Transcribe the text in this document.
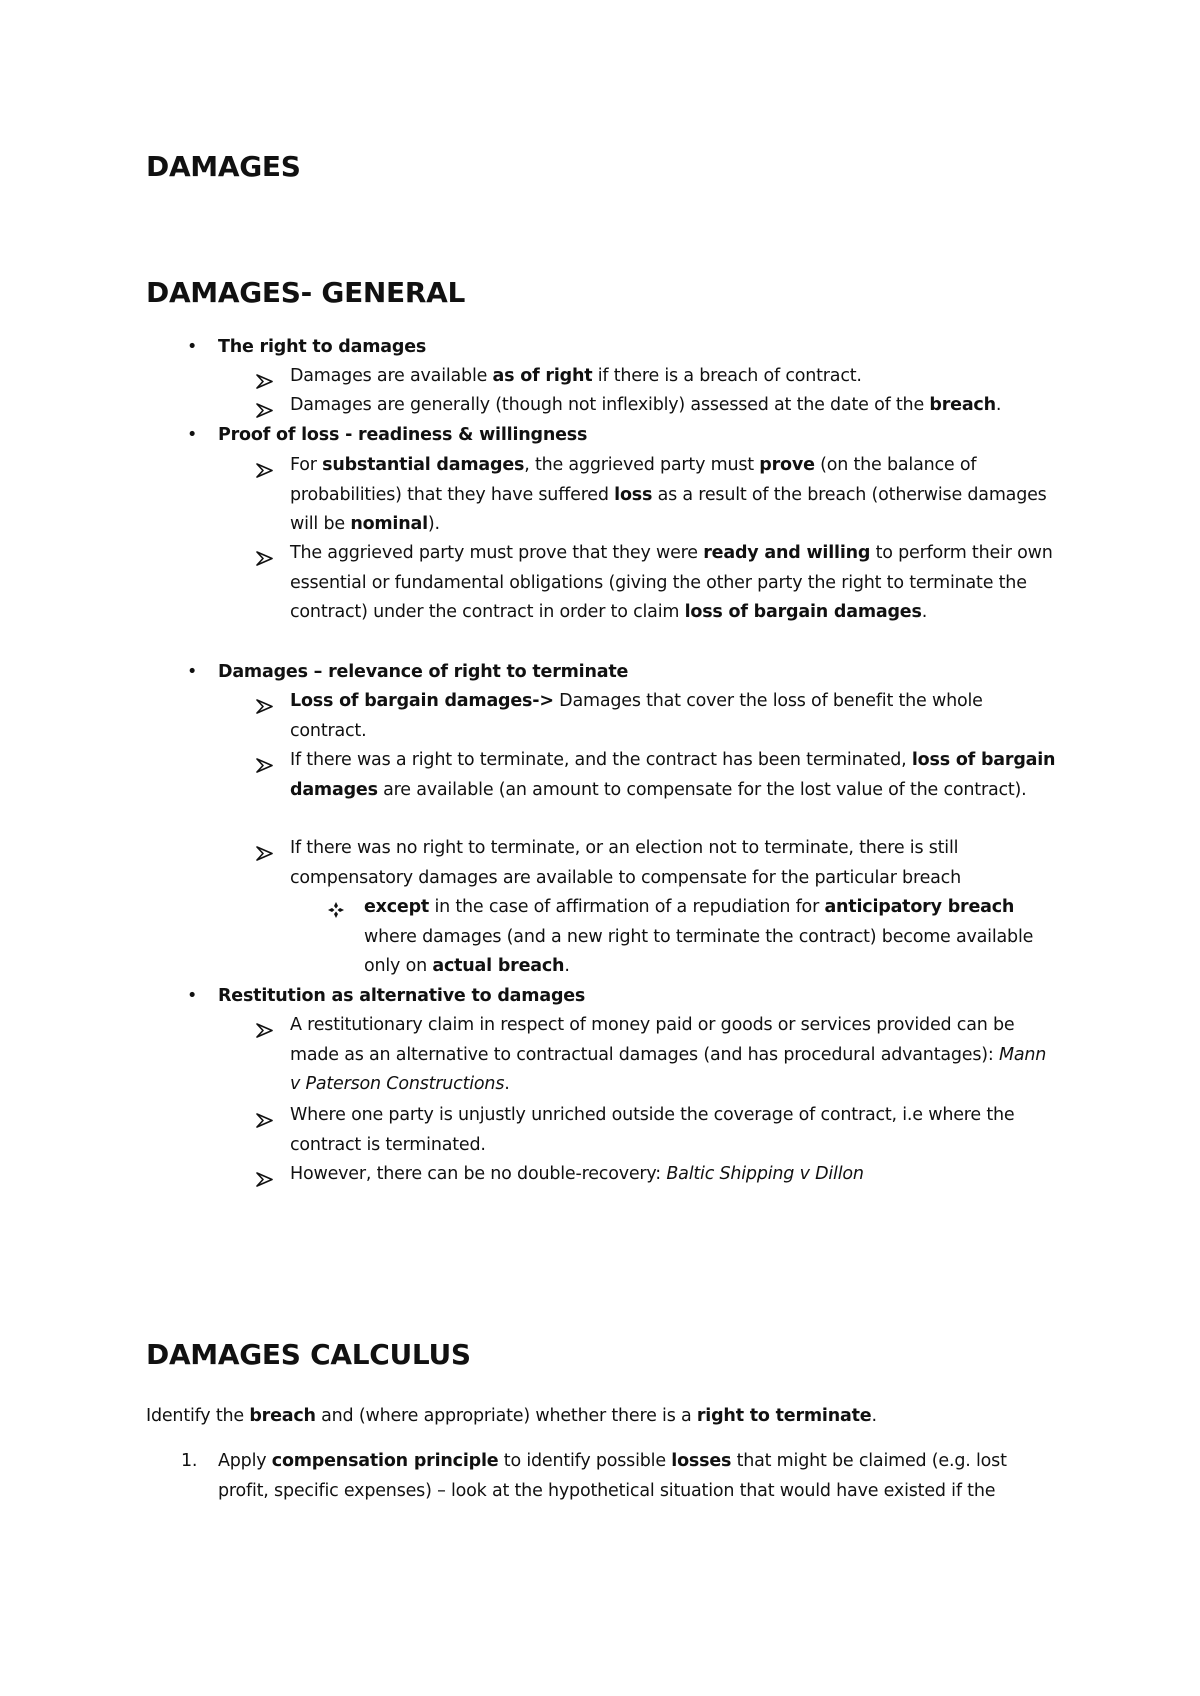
DAMAGES
DAMAGES- GENERAL
• The right to damages
Damages are available as of right if there is a breach of contract.
Damages are generally (though not inflexibly) assessed at the date of the breach.
• Proof of loss - readiness & willingness
For substantial damages, the aggrieved party must prove (on the balance of probabilities) that they have suffered loss as a result of the breach (otherwise damages will be nominal).
The aggrieved party must prove that they were ready and willing to perform their own essential or fundamental obligations (giving the other party the right to terminate the contract) under the contract in order to claim loss of bargain damages.
• Damages – relevance of right to terminate
Loss of bargain damages-> Damages that cover the loss of benefit the whole contract.
If there was a right to terminate, and the contract has been terminated, loss of bargain damages are available (an amount to compensate for the lost value of the contract).
If there was no right to terminate, or an election not to terminate, there is still compensatory damages are available to compensate for the particular breach
except in the case of affirmation of a repudiation for anticipatory breach where damages (and a new right to terminate the contract) become available only on actual breach.
• Restitution as alternative to damages
A restitutionary claim in respect of money paid or goods or services provided can be made as an alternative to contractual damages (and has procedural advantages): Mann v Paterson Constructions.
Where one party is unjustly unriched outside the coverage of contract, i.e where the contract is terminated.
However, there can be no double-recovery: Baltic Shipping v Dillon
DAMAGES CALCULUS
Identify the breach and (where appropriate) whether there is a right to terminate.
1. Apply compensation principle to identify possible losses that might be claimed (e.g. lost profit, specific expenses) – look at the hypothetical situation that would have existed if the
